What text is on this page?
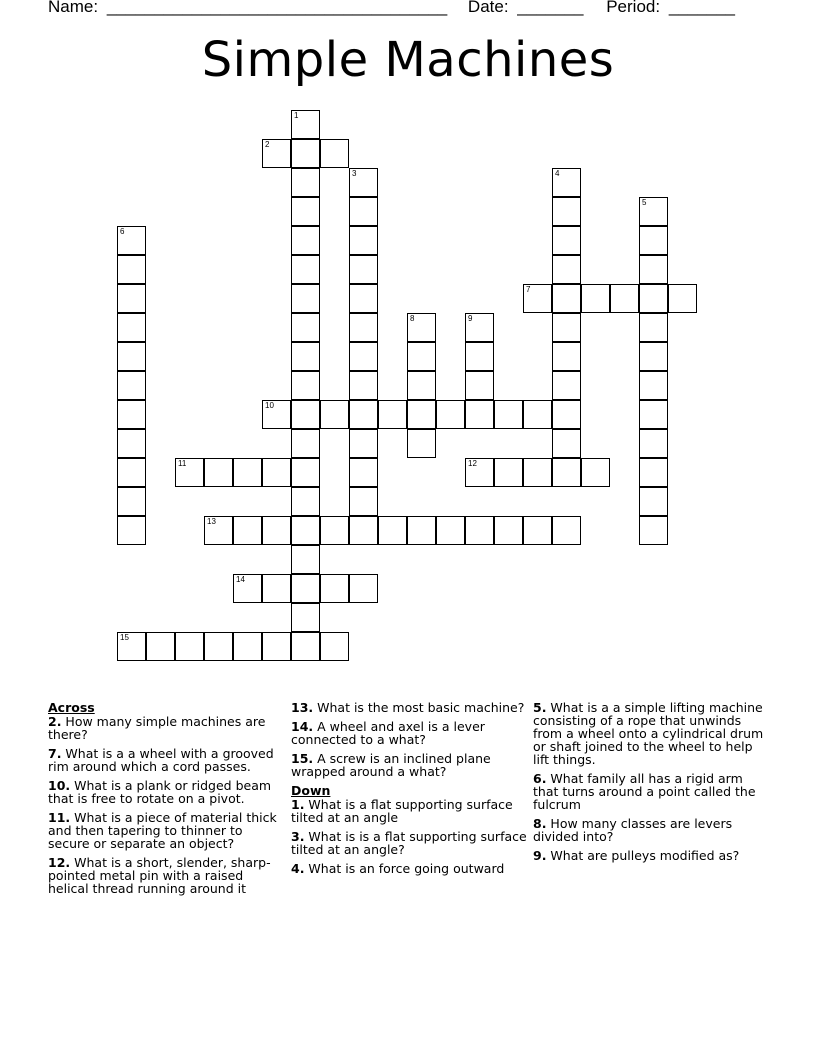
Name: ____________________________________ Date: _______ Period: _______
Simple Machines
1
2
3	4
5
6
7
8	9
10
11	12
13
14
15
Across
2. How many simple machines are there?
7. What is a a wheel with a grooved rim around which a cord passes.
10. What is a plank or ridged beam that is free to rotate on a pivot.
11. What is a piece of material thick and then tapering to thinner to secure or separate an object?
12. What is a short, slender, sharp-pointed metal pin with a raised helical thread running around it
13. What is the most basic machine?
14. A wheel and axel is a lever connected to a what?
15. A screw is an inclined plane wrapped around a what?
Down
1. What is a flat supporting surface tilted at an angle
3. What is is a flat supporting surface tilted at an angle?
4. What is an force going outward
5. What is a a simple lifting machine consisting of a rope that unwinds from a wheel onto a cylindrical drum or shaft joined to the wheel to help lift things.
6. What family all has a rigid arm that turns around a point called the fulcrum
8. How many classes are levers divided into?
9. What are pulleys modified as?
